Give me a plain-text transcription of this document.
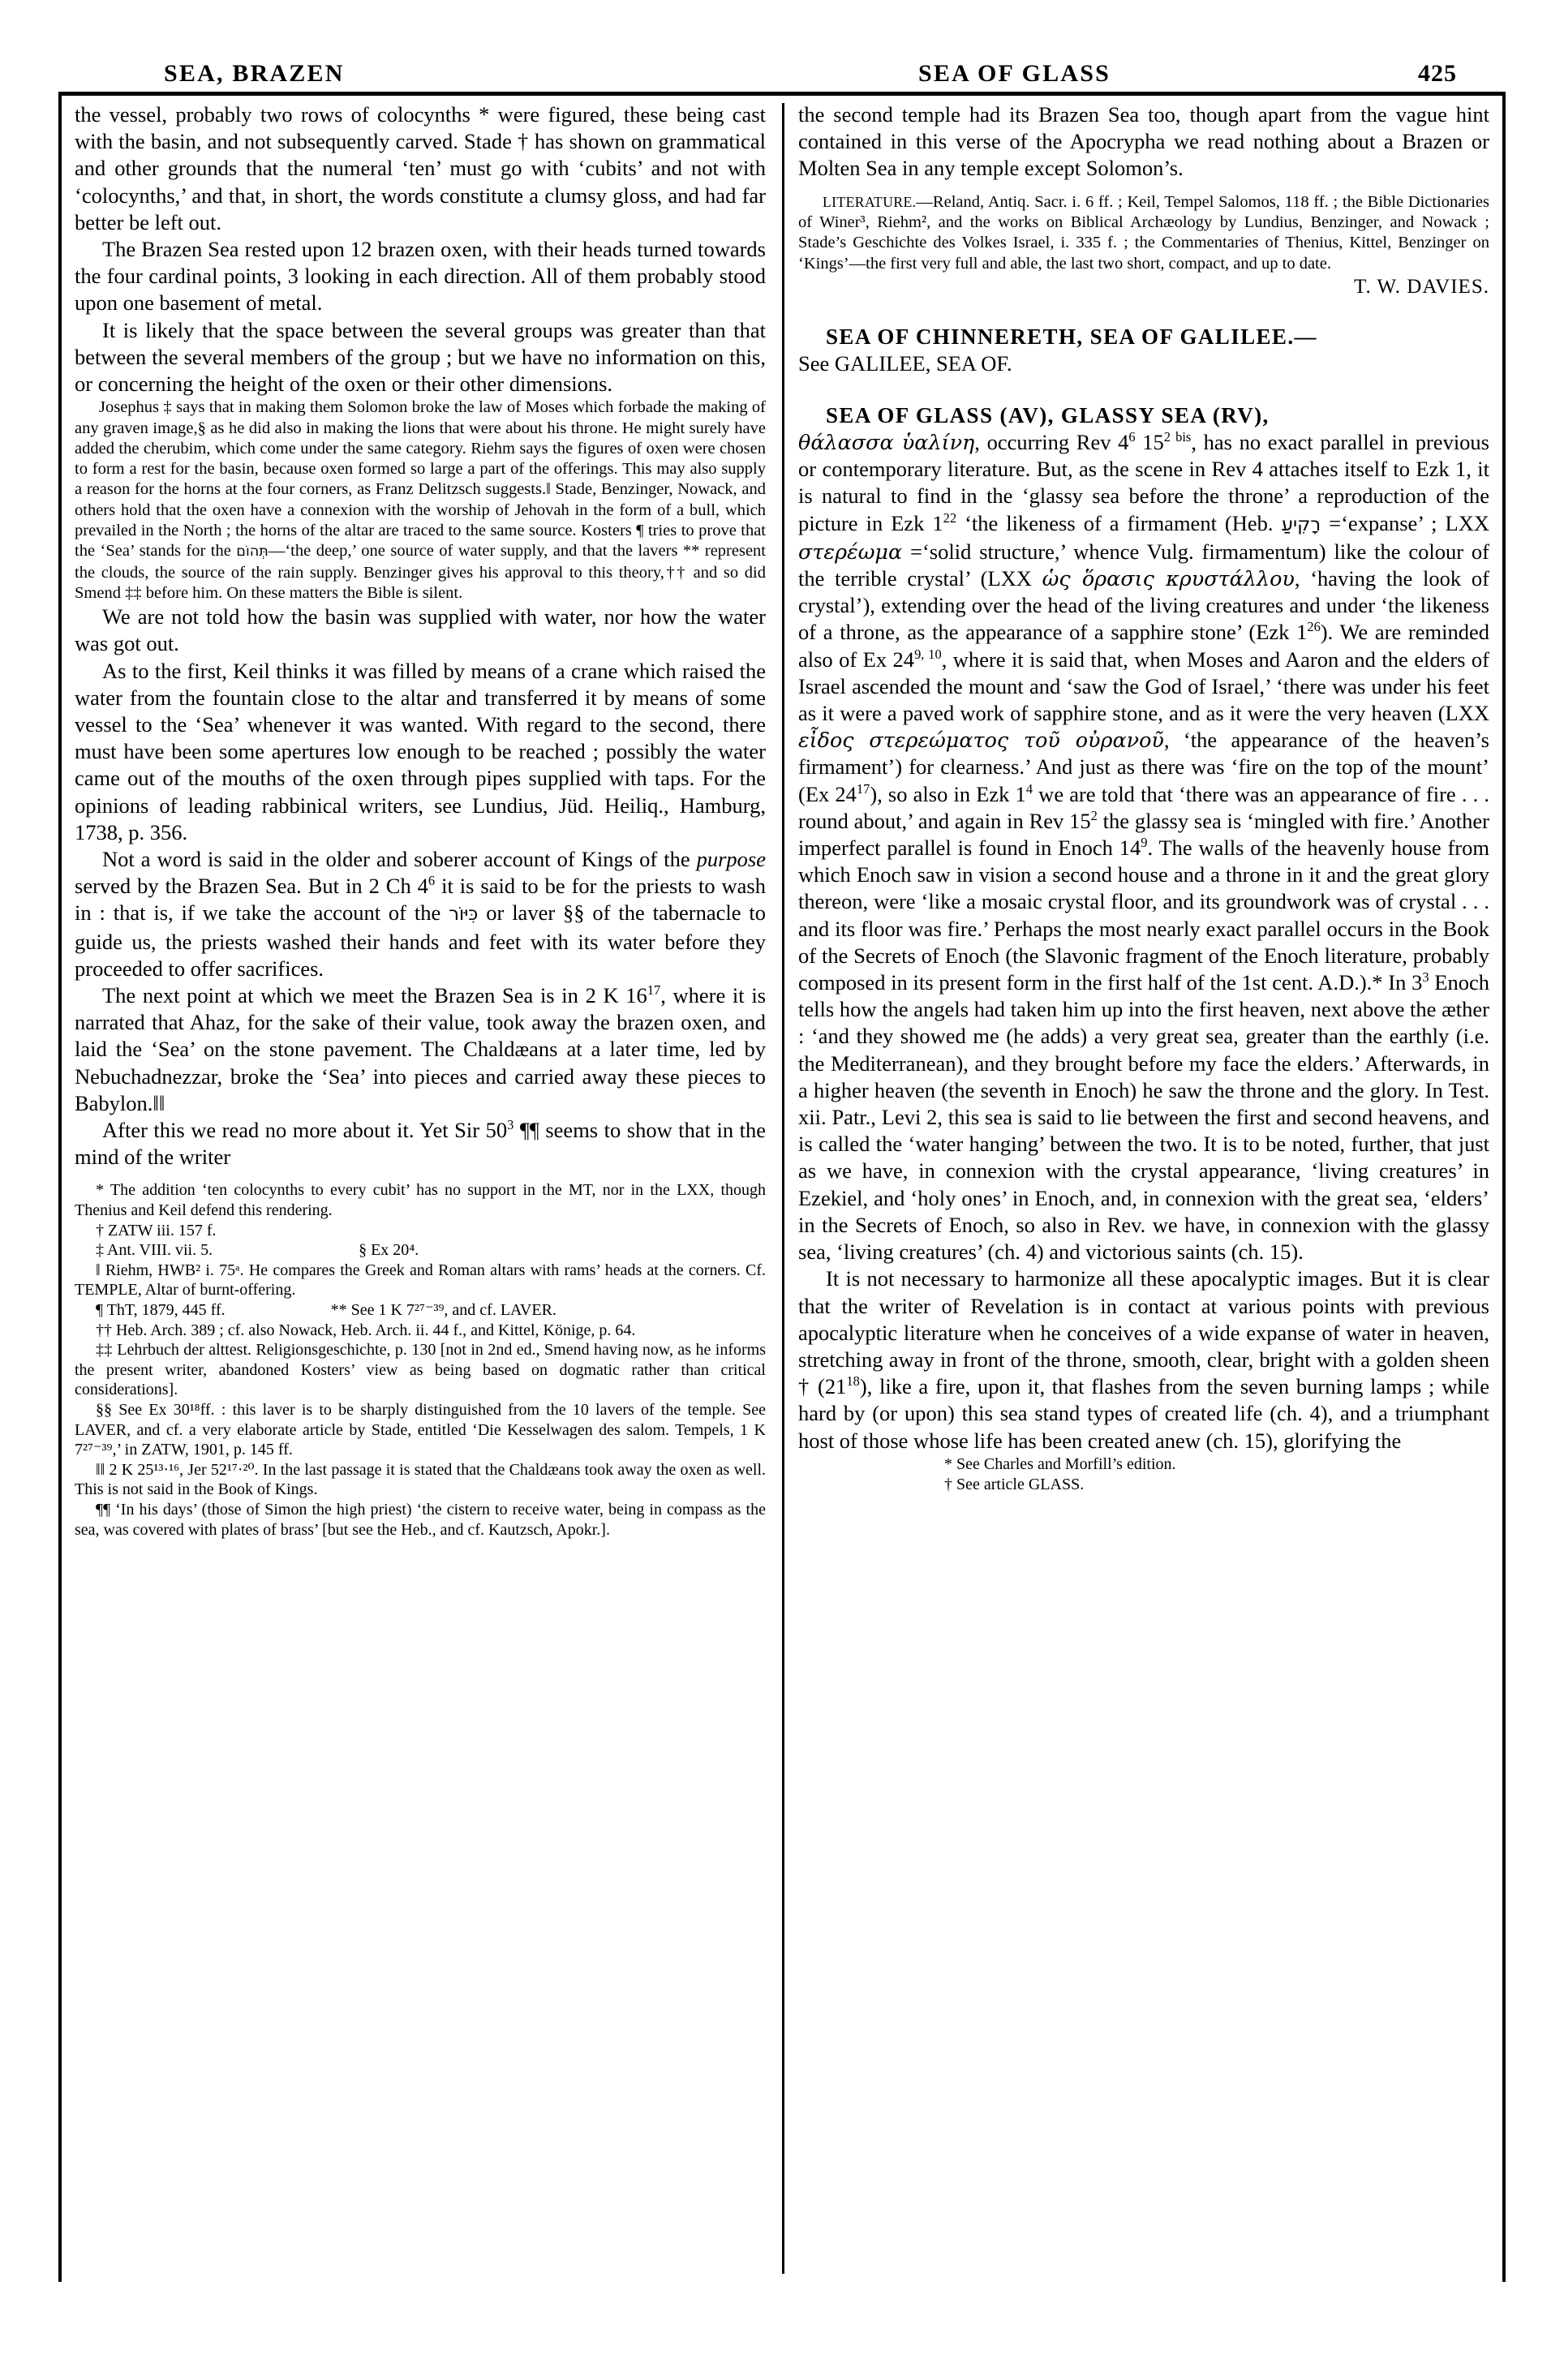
SEA, BRAZEN	SEA OF GLASS	425

the vessel, probably two rows of colocynths * were figured, these being cast with the basin, and not subsequently carved. Stade † has shown on grammatical and other grounds that the numeral ‘ten’ must go with ‘cubits’ and not with ‘colocynths,’ and that, in short, the words constitute a clumsy gloss, and had far better be left out.

The Brazen Sea rested upon 12 brazen oxen, with their heads turned towards the four cardinal points, 3 looking in each direction. All of them probably stood upon one basement of metal.

It is likely that the space between the several groups was greater than that between the several members of the group ; but we have no information on this, or concerning the height of the oxen or their other dimensions.

Josephus ‡ says that in making them Solomon broke the law of Moses which forbade the making of any graven image,§ as he did also in making the lions that were about his throne. He might surely have added the cherubim, which come under the same category. Riehm says the figures of oxen were chosen to form a rest for the basin, because oxen formed so large a part of the offerings. This may also supply a reason for the horns at the four corners, as Franz Delitzsch suggests.‖ Stade, Benzinger, Nowack, and others hold that the oxen have a connexion with the worship of Jehovah in the form of a bull, which prevailed in the North ; the horns of the altar are traced to the same source. Kosters ¶ tries to prove that the ‘Sea’ stands for the תְּהוֹם—‘the deep,’ one source of water supply, and that the lavers ** represent the clouds, the source of the rain supply. Benzinger gives his approval to this theory,†† and so did Smend ‡‡ before him. On these matters the Bible is silent.

We are not told how the basin was supplied with water, nor how the water was got out.

As to the first, Keil thinks it was filled by means of a crane which raised the water from the fountain close to the altar and transferred it by means of some vessel to the ‘Sea’ whenever it was wanted. With regard to the second, there must have been some apertures low enough to be reached ; possibly the water came out of the mouths of the oxen through pipes supplied with taps. For the opinions of leading rabbinical writers, see Lundius, Jüd. Heiliq., Hamburg, 1738, p. 356.

Not a word is said in the older and soberer account of Kings of the purpose served by the Brazen Sea. But in 2 Ch $4^6$ it is said to be for the priests to wash in : that is, if we take the account of the כִּיּוֹר or laver §§ of the tabernacle to guide us, the priests washed their hands and feet with its water before they proceeded to offer sacrifices.

The next point at which we meet the Brazen Sea is in 2 K $16^{17}$, where it is narrated that Ahaz, for the sake of their value, took away the brazen oxen, and laid the ‘Sea’ on the stone pavement. The Chaldæans at a later time, led by Nebuchadnezzar, broke the ‘Sea’ into pieces and carried away these pieces to Babylon.‖‖

After this we read no more about it. Yet Sir $50^3$ ¶¶ seems to show that in the mind of the writer

* The addition ‘ten colocynths to every cubit’ has no support in the MT, nor in the LXX, though Thenius and Keil defend this rendering.

† ZATW iii. 157 f.

‡ Ant. VIII. vii. 5.	§ Ex 20⁴.

‖ Riehm, HWB² i. 75ᵃ. He compares the Greek and Roman altars with rams’ heads at the corners. Cf. TEMPLE, Altar of burnt-offering.

¶ ThT, 1879, 445 ff.	** See 1 K 7²⁷⁻³⁹, and cf. LAVER.

†† Heb. Arch. 389 ; cf. also Nowack, Heb. Arch. ii. 44 f., and Kittel, Könige, p. 64.

‡‡ Lehrbuch der alttest. Religionsgeschichte, p. 130 [not in 2nd ed., Smend having now, as he informs the present writer, abandoned Kosters’ view as being based on dogmatic rather than critical considerations].

§§ See Ex 30¹⁸ff. : this laver is to be sharply distinguished from the 10 lavers of the temple. See LAVER, and cf. a very elaborate article by Stade, entitled ‘Die Kesselwagen des salom. Tempels, 1 K 7²⁷⁻³⁹,’ in ZATW, 1901, p. 145 ff.

‖‖ 2 K 25¹³·¹⁶, Jer 52¹⁷·²⁰. In the last passage it is stated that the Chaldæans took away the oxen as well. This is not said in the Book of Kings.

¶¶ ‘In his days’ (those of Simon the high priest) ‘the cistern to receive water, being in compass as the sea, was covered with plates of brass’ [but see the Heb., and cf. Kautzsch, Apokr.].

the second temple had its Brazen Sea too, though apart from the vague hint contained in this verse of the Apocrypha we read nothing about a Brazen or Molten Sea in any temple except Solomon’s.

LITERATURE.—Reland, Antiq. Sacr. i. 6 ff. ; Keil, Tempel Salomos, 118 ff. ; the Bible Dictionaries of Winer³, Riehm², and the works on Biblical Archæology by Lundius, Benzinger, and Nowack ; Stade’s Geschichte des Volkes Israel, i. 335 f. ; the Commentaries of Thenius, Kittel, Benzinger on ‘Kings’—the first very full and able, the last two short, compact, and up to date.

T. W. DAVIES.

SEA OF CHINNERETH, SEA OF GALILEE.—

See GALILEE, SEA OF.

SEA OF GLASS (AV), GLASSY SEA (RV),

θάλασσα ὑαλίνη, occurring Rev $4^6$ $15^{2 bis}$, has no exact parallel in previous or contemporary literature. But, as the scene in Rev 4 attaches itself to Ezk 1, it is natural to find in the ‘glassy sea before the throne’ a reproduction of the picture in Ezk $1^{22}$ ‘the likeness of a firmament (Heb. רָקִיעַ =‘expanse’ ; LXX στερέωμα =‘solid structure,’ whence Vulg. firmamentum) like the colour of the terrible crystal’ (LXX ὡς ὅρασις κρυστάλλου, ‘having the look of crystal’), extending over the head of the living creatures and under ‘the likeness of a throne, as the appearance of a sapphire stone’ (Ezk $1^{26}$). We are reminded also of Ex 24$^{9, 10}$, where it is said that, when Moses and Aaron and the elders of Israel ascended the mount and ‘saw the God of Israel,’ ‘there was under his feet as it were a paved work of sapphire stone, and as it were the very heaven (LXX εἶδος στερεώματος τοῦ οὐρανοῦ, ‘the appearance of the heaven’s firmament’) for clearness.’ And just as there was ‘fire on the top of the mount’ (Ex $24^{17}$), so also in Ezk $1^4$ we are told that ‘there was an appearance of fire . . . round about,’ and again in Rev $15^2$ the glassy sea is ‘mingled with fire.’ Another imperfect parallel is found in Enoch $14^9$. The walls of the heavenly house from which Enoch saw in vision a second house and a throne in it and the great glory thereon, were ‘like a mosaic crystal floor, and its groundwork was of crystal . . . and its floor was fire.’ Perhaps the most nearly exact parallel occurs in the Book of the Secrets of Enoch (the Slavonic fragment of the Enoch literature, probably composed in its present form in the first half of the 1st cent. A.D.).* In $3^3$ Enoch tells how the angels had taken him up into the first heaven, next above the æther : ‘and they showed me (he adds) a very great sea, greater than the earthly (i.e. the Mediterranean), and they brought before my face the elders.’ Afterwards, in a higher heaven (the seventh in Enoch) he saw the throne and the glory. In Test. xii. Patr., Levi 2, this sea is said to lie between the first and second heavens, and is called the ‘water hanging’ between the two. It is to be noted, further, that just as we have, in connexion with the crystal appearance, ‘living creatures’ in Ezekiel, and ‘holy ones’ in Enoch, and, in connexion with the great sea, ‘elders’ in the Secrets of Enoch, so also in Rev. we have, in connexion with the glassy sea, ‘living creatures’ (ch. 4) and victorious saints (ch. 15).

It is not necessary to harmonize all these apocalyptic images. But it is clear that the writer of Revelation is in contact at various points with previous apocalyptic literature when he conceives of a wide expanse of water in heaven, stretching away in front of the throne, smooth, clear, bright with a golden sheen † $(21^{18})$, like a fire, upon it, that flashes from the seven burning lamps ; while hard by (or upon) this sea stand types of created life (ch. 4), and a triumphant host of those whose life has been created anew (ch. 15), glorifying the

* See Charles and Morfill’s edition.

† See article GLASS.
